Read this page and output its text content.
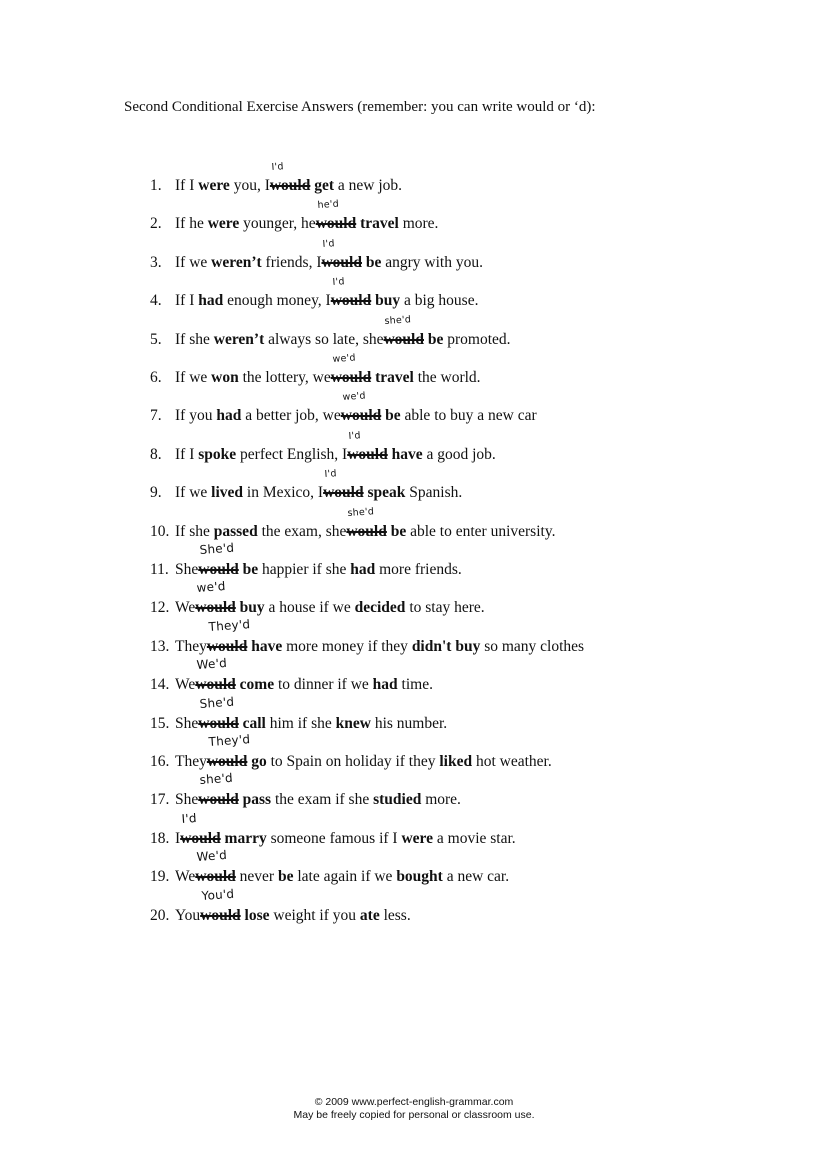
Second Conditional Exercise Answers (remember: you can write would or ‘d):
1. If I were you, I
I'd
would get a new job.
2. If he were younger, he
he'd
would travel more.
3. If we weren’t friends, I
I'd
would be angry with you.
4. If I had enough money, I
I'd
would buy a big house.
5. If she weren’t always so late, she
she'd
would be promoted.
6. If we won the lottery, we
we'd
would travel the world.
7. If you had a better job, we
we'd
would be able to buy a new car
8. If I spoke perfect English, I
I'd
would have a good job.
9. If we lived in Mexico, I
I'd
would speak Spanish.
10. If she passed the exam, she
she'd
would be able to enter university.
11. She
She'd
would be happier if she had more friends.
12. We
we'd
would buy a house if we decided to stay here.
13. They
They'd
would have more money if they didn't buy so many clothes
14. We
We'd
would come to dinner if we had time.
15. She
She'd
would call him if she knew his number.
16. They
They'd
would go to Spain on holiday if they liked hot weather.
17. She
she'd
would pass the exam if she studied more.
18. I
I'd
would marry someone famous if I were a movie star.
19. We
We'd
would never be late again if we bought a new car.
20. You
You'd
would lose weight if you ate less.
© 2009 www.perfect-english-grammar.com
May be freely copied for personal or classroom use.
